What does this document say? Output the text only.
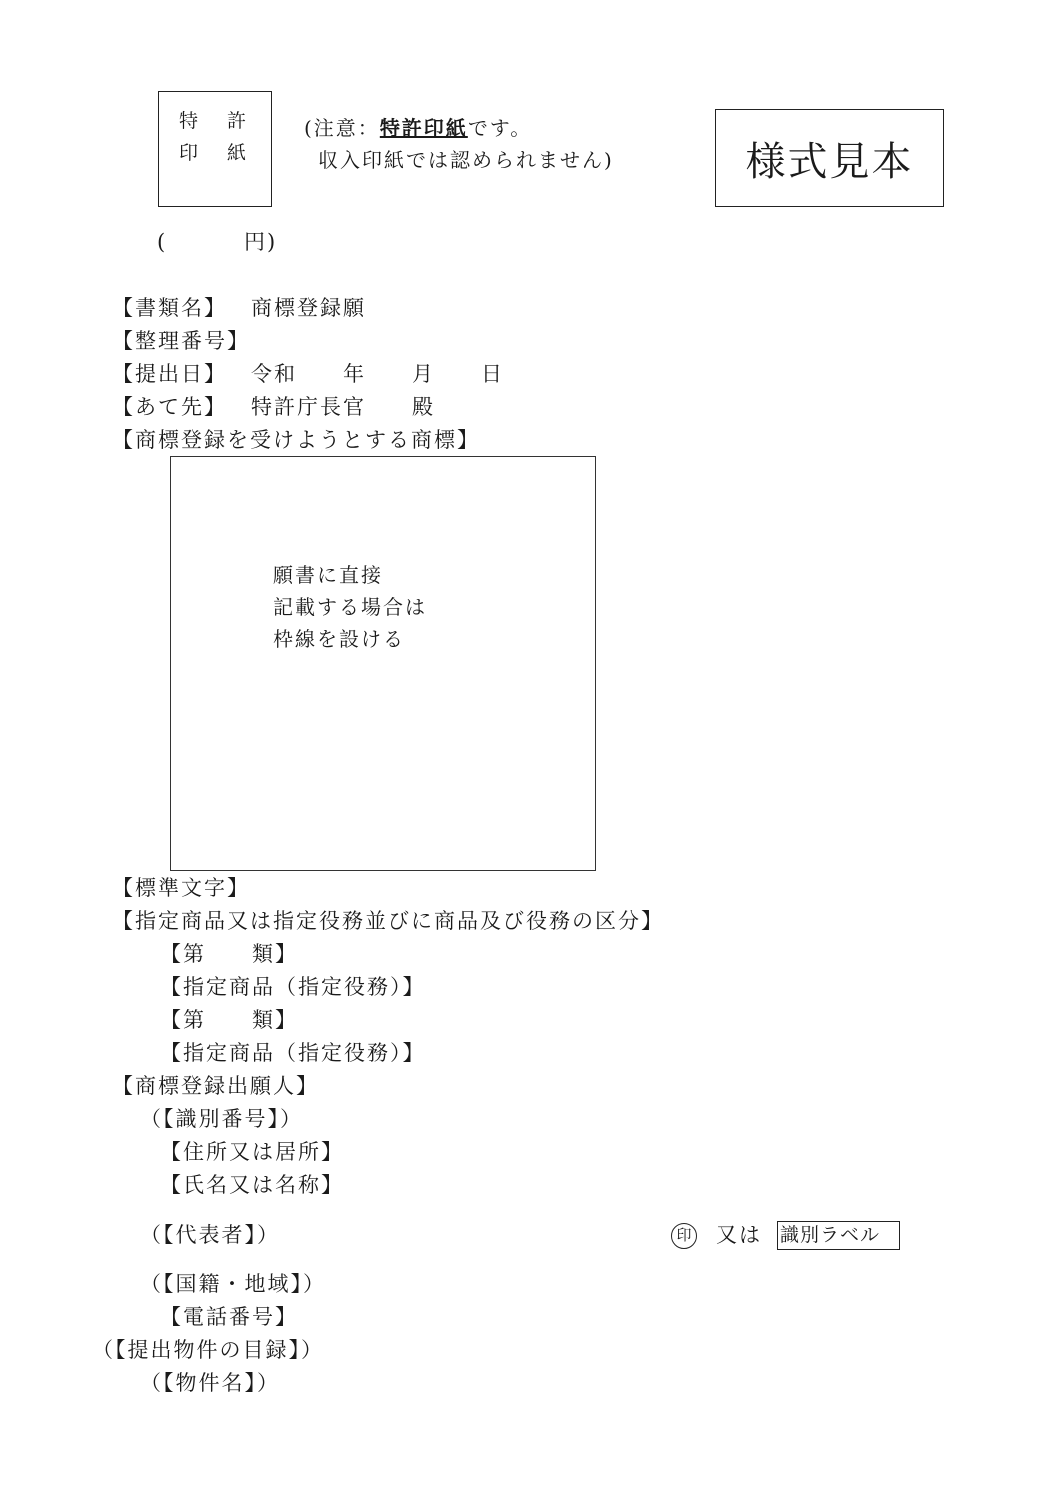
特 許
印 紙
(	円)
(注意：特許印紙です。
収入印紙では認められません)	様式見本
【書類名】 商標登録願
【整理番号】
【提出日】 令和　　年　　月　　日
【あて先】 特許庁長官　　殿
【商標登録を受けようとする商標】
願書に直接
記載する場合は
枠線を設ける
【標準文字】
【指定商品又は指定役務並びに商品及び役務の区分】
【第　　類】
【指定商品（指定役務）】
【第　　類】
【指定商品（指定役務）】
【商標登録出願人】
（【識別番号】）
【住所又は居所】
【氏名又は名称】
（【代表者】）	印 又は 識別ラベル
（【国籍・地域】）
【電話番号】
（【提出物件の目録】）
（【物件名】）
